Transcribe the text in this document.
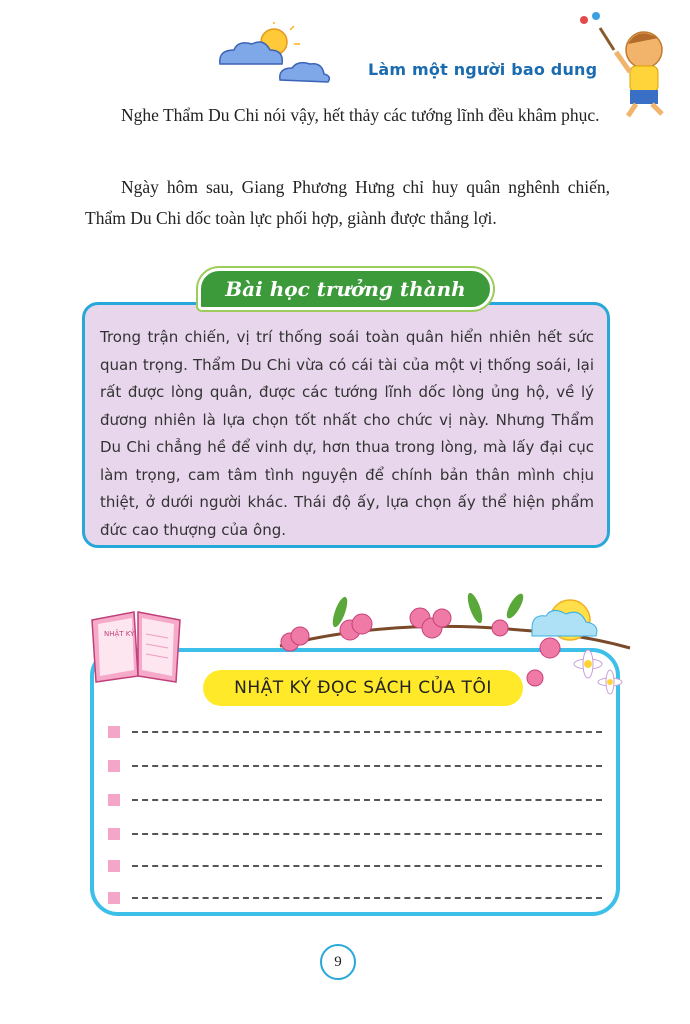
Làm một người bao dung

Nghe Thẩm Du Chi nói vậy, hết thảy các tướng lĩnh đều khâm phục.

Ngày hôm sau, Giang Phương Hưng chỉ huy quân nghênh chiến, Thẩm Du Chi dốc toàn lực phối hợp, giành được thắng lợi.

Bài học trưởng thành

Trong trận chiến, vị trí thống soái toàn quân hiển nhiên hết sức quan trọng. Thẩm Du Chi vừa có cái tài của một vị thống soái, lại rất được lòng quân, được các tướng lĩnh dốc lòng ủng hộ, về lý đương nhiên là lựa chọn tốt nhất cho chức vị này. Nhưng Thẩm Du Chi chẳng hề để vinh dự, hơn thua trong lòng, mà lấy đại cục làm trọng, cam tâm tình nguyện để chính bản thân mình chịu thiệt, ở dưới người khác. Thái độ ấy, lựa chọn ấy thể hiện phẩm đức cao thượng của ông.

NHẬT KÝ
NHẬT KÝ ĐỌC SÁCH CỦA TÔI
9
